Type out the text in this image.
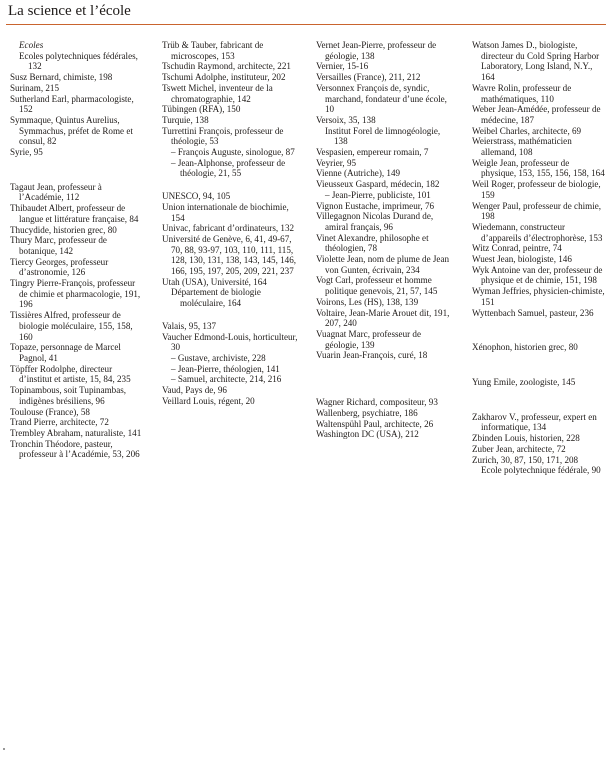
La science et l’école
Ecoles
Ecoles polytechniques fédérales, 132
Susz Bernard, chimiste, 198
Surinam, 215
Sutherland Earl, pharmacologiste, 152
Symmaque, Quintus Aurelius, Symmachus, préfet de Rome et consul, 82
Syrie, 95
Tagaut Jean, professeur à l’Académie, 112
Thibaudet Albert, professeur de langue et littérature française, 84
Thucydide, historien grec, 80
Thury Marc, professeur de botanique, 142
Tiercy Georges, professeur d’astronomie, 126
Tingry Pierre-François, professeur de chimie et pharmacologie, 191, 196
Tissières Alfred, professeur de biologie moléculaire, 155, 158, 160
Topaze, personnage de Marcel Pagnol, 41
Töpffer Rodolphe, directeur d’institut et artiste, 15, 84, 235
Topinambous, soit Tupinambas, indigènes brésiliens, 96
Toulouse (France), 58
Trand Pierre, architecte, 72
Trembley Abraham, naturaliste, 141
Tronchin Théodore, pasteur, professeur à l’Académie, 53, 206
Trüb & Tauber, fabricant de microscopes, 153
Tschudin Raymond, architecte, 221
Tschumi Adolphe, instituteur, 202
Tswett Michel, inventeur de la chromatographie, 142
Tübingen (RFA), 150
Turquie, 138
Turrettini François, professeur de théologie, 53
– François Auguste, sinologue, 87
– Jean-Alphonse, professeur de théologie, 21, 55
UNESCO, 94, 105
Union internationale de biochimie, 154
Univac, fabricant d’ordinateurs, 132
Université de Genève, 6, 41, 49-67, 70, 88, 93-97, 103, 110, 111, 115, 128, 130, 131, 138, 143, 145, 146, 166, 195, 197, 205, 209, 221, 237
Utah (USA), Université, 164
Département de biologie moléculaire, 164
Valais, 95, 137
Vaucher Edmond-Louis, horticulteur, 30
– Gustave, archiviste, 228
– Jean-Pierre, théologien, 141
– Samuel, architecte, 214, 216
Vaud, Pays de, 96
Veillard Louis, régent, 20
Vernet Jean-Pierre, professeur de géologie, 138
Vernier, 15-16
Versailles (France), 211, 212
Versonnex François de, syndic, marchand, fondateur d’une école, 10
Versoix, 35, 138
Institut Forel de limnogéologie, 138
Vespasien, empereur romain, 7
Veyrier, 95
Vienne (Autriche), 149
Vieusseux Gaspard, médecin, 182
– Jean-Pierre, publiciste, 101
Vignon Eustache, imprimeur, 76
Villegagnon Nicolas Durand de, amiral français, 96
Vinet Alexandre, philosophe et théologien, 78
Violette Jean, nom de plume de Jean von Gunten, écrivain, 234
Vogt Carl, professeur et homme politique genevois, 21, 57, 145
Voirons, Les (HS), 138, 139
Voltaire, Jean-Marie Arouet dit, 191, 207, 240
Vuagnat Marc, professeur de géologie, 139
Vuarin Jean-François, curé, 18
Wagner Richard, compositeur, 93
Wallenberg, psychiatre, 186
Waltenspühl Paul, architecte, 26
Washington DC (USA), 212
Watson James D., biologiste, directeur du Cold Spring Harbor Laboratory, Long Island, N.Y., 164
Wavre Rolin, professeur de mathématiques, 110
Weber Jean-Amédée, professeur de médecine, 187
Weibel Charles, architecte, 69
Weierstrass, mathématicien allemand, 108
Weigle Jean, professeur de physique, 153, 155, 156, 158, 164
Weil Roger, professeur de biologie, 159
Wenger Paul, professeur de chimie, 198
Wiedemann, constructeur d’appareils d’électrophorèse, 153
Witz Conrad, peintre, 74
Wuest Jean, biologiste, 146
Wyk Antoine van der, professeur de physique et de chimie, 151, 198
Wyman Jeffries, physicien-chimiste, 151
Wyttenbach Samuel, pasteur, 236
Xénophon, historien grec, 80
Yung Emile, zoologiste, 145
Zakharov V., professeur, expert en informatique, 134
Zbinden Louis, historien, 228
Zuber Jean, architecte, 72
Zurich, 30, 87, 150, 171, 208
Ecole polytechnique fédérale, 90
